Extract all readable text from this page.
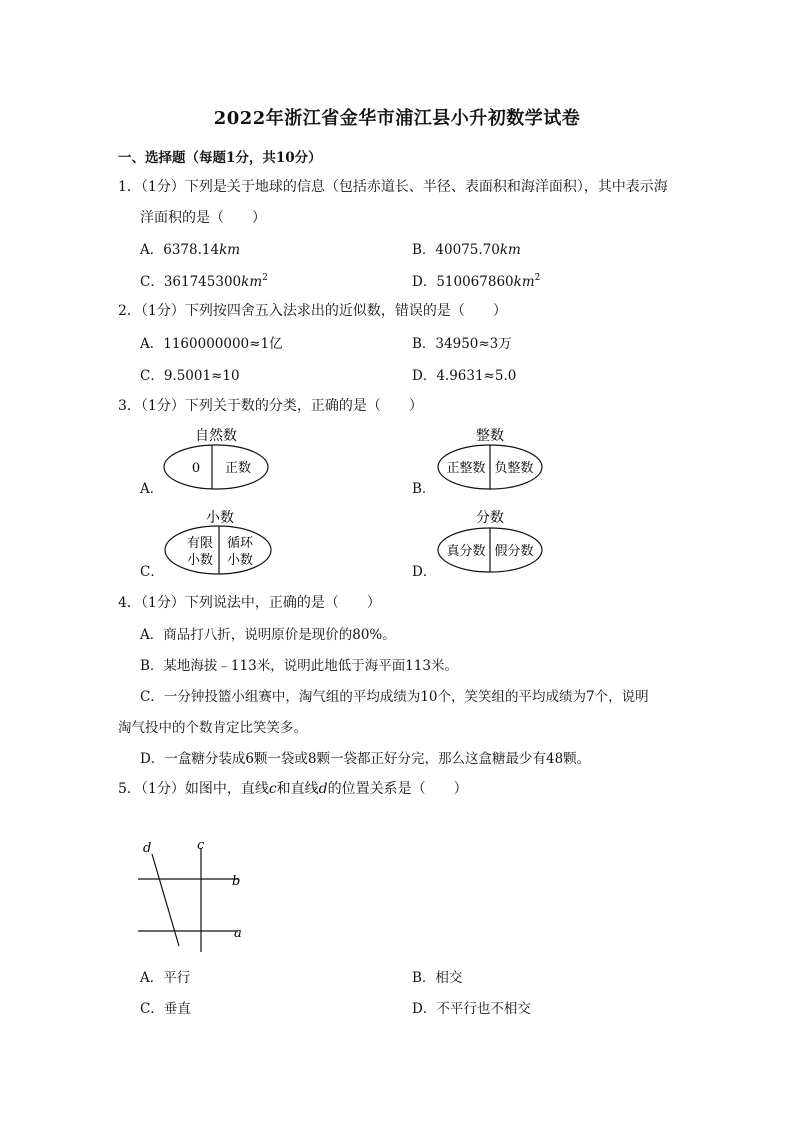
2022年浙江省金华市浦江县小升初数学试卷
一、选择题（每题1分，共10分）
1．（1分）下列是关于地球的信息（包括赤道长、半径、表面积和海洋面积），其中表示海
洋面积的是（　　）
A．6378.14km	B．40075.70km
C．$361745300km^2$	D．$510067860km^2$
2．（1分）下列按四舍五入法求出的近似数，错误的是（　　）
A．1160000000≈1亿	B．34950≈3万
C．9.5001≈10	D．4.9631≈5.0
3．（1分）下列关于数的分类，正确的是（　　）
A．
自然数
0 正数
B．
整数
正整数 负整数
C．
小数
有限
小数
循环
小数
D．
分数
真分数 假分数
4．（1分）下列说法中，正确的是（　　）
A．商品打八折，说明原价是现价的80%。
B．某地海拔﹣113米，说明此地低于海平面113米。
C．一分钟投篮小组赛中，淘气组的平均成绩为10个，笑笑组的平均成绩为7个，说明
淘气投中的个数肯定比笑笑多。
D．一盒糖分装成6颗一袋或8颗一袋都正好分完，那么这盒糖最少有48颗。
5．（1分）如图中，直线c和直线d的位置关系是（　　）
d	c
b
a
A．平行	B．相交
C．垂直	D．不平行也不相交
